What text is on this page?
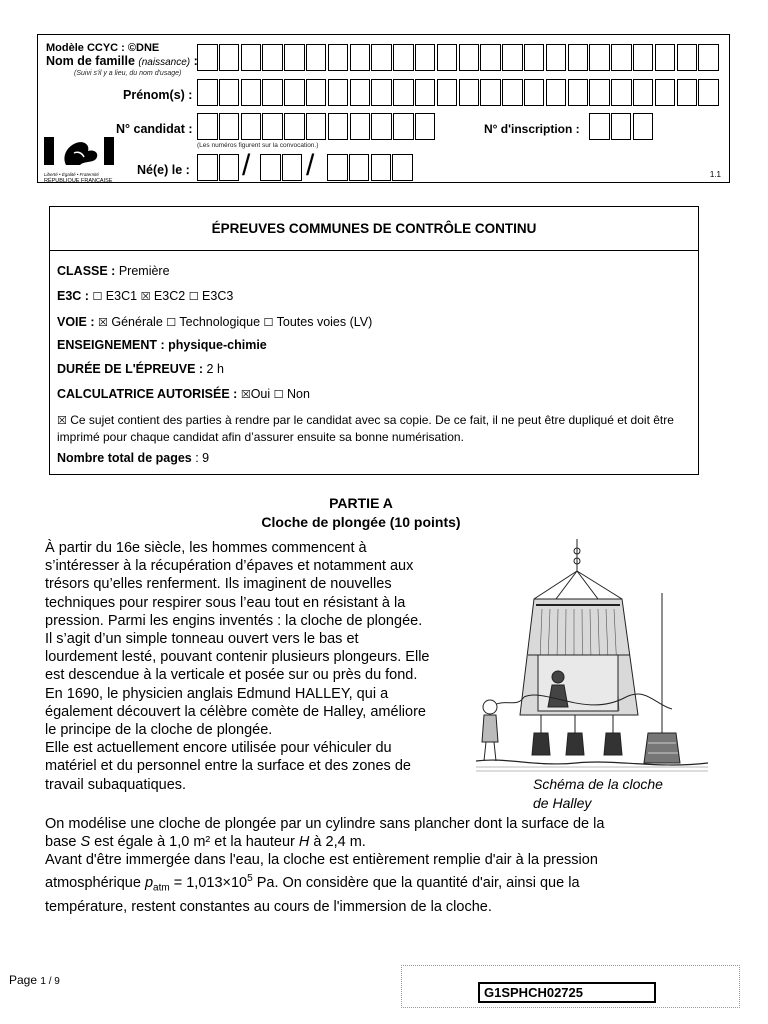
Modèle CCYC : ©DNE
Nom de famille (naissance) :
(Suivi s'il y a lieu, du nom d'usage)
Prénom(s) :
N° candidat :
(Les numéros figurent sur la convocation.)
N° d'inscription :
Né(e) le : / /
Liberté • Égalité • Fraternité
RÉPUBLIQUE FRANÇAISE
1.1
ÉPREUVES COMMUNES DE CONTRÔLE CONTINU
CLASSE : Première
E3C : ☐ E3C1 ☒ E3C2 ☐ E3C3
VOIE : ☒ Générale ☐ Technologique ☐ Toutes voies (LV)
ENSEIGNEMENT : physique-chimie
DURÉE DE L'ÉPREUVE : 2 h
CALCULATRICE AUTORISÉE : ☒Oui ☐ Non
☒ Ce sujet contient des parties à rendre par le candidat avec sa copie. De ce fait, il ne peut être dupliqué et doit être imprimé pour chaque candidat afin d’assurer ensuite sa bonne numérisation.
Nombre total de pages : 9
PARTIE A
Cloche de plongée (10 points)
À partir du 16e siècle, les hommes commencent à
s’intéresser à la récupération d’épaves et notamment aux
trésors qu’elles renferment. Ils imaginent de nouvelles
techniques pour respirer sous l’eau tout en résistant à la
pression. Parmi les engins inventés : la cloche de plongée.
Il s’agit d’un simple tonneau ouvert vers le bas et
lourdement lesté, pouvant contenir plusieurs plongeurs. Elle
est descendue à la verticale et posée sur ou près du fond.
En 1690, le physicien anglais Edmund HALLEY, qui a
également découvert la célèbre comète de Halley, améliore
le principe de la cloche de plongée.
Elle est actuellement encore utilisée pour véhiculer du
matériel et du personnel entre la surface et des zones de
travail subaquatiques.	Schéma de la cloche
de Halley
On modélise une cloche de plongée par un cylindre sans plancher dont la surface de la
base S est égale à 1,0 m² et la hauteur H à 2,4 m.
Avant d'être immergée dans l'eau, la cloche est entièrement remplie d'air à la pression
atmosphérique $p_{atm} = 1,013\times 10^5$ Pa. On considère que la quantité d'air, ainsi que la
température, restent constantes au cours de l'immersion de la cloche.
Page 1 / 9
G1SPHCH02725
